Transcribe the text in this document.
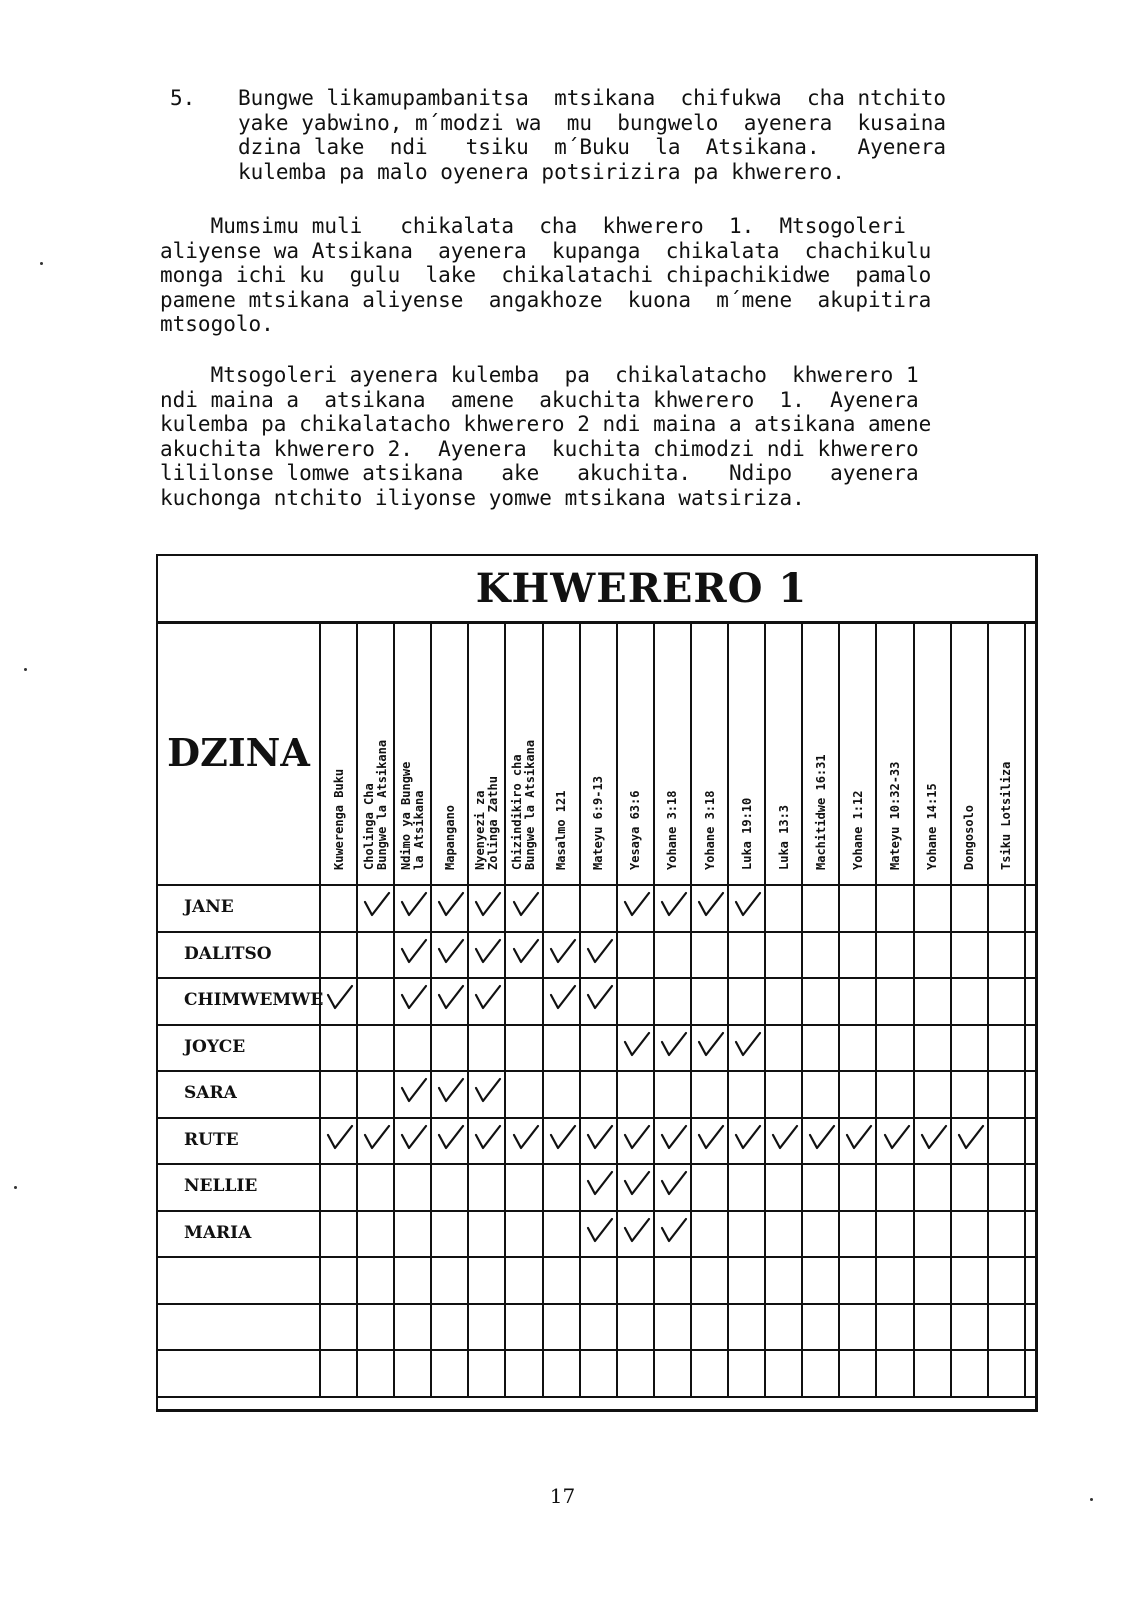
5. Bungwe likamupambanitsa  mtsikana  chifukwa  cha ntchito
yake yabwino, m´modzi wa  mu  bungwelo  ayenera  kusaina
dzina lake  ndi   tsiku  m´Buku  la  Atsikana.   Ayenera
kulemba pa malo oyenera potsirizira pa khwerero.
Mumsimu muli   chikalata  cha  khwerero  1.  Mtsogoleri
aliyense wa Atsikana  ayenera  kupanga  chikalata  chachikulu
monga ichi ku  gulu  lake  chikalatachi chipachikidwe  pamalo
pamene mtsikana aliyense  angakhoze  kuona  m´mene  akupitira
mtsogolo.
Mtsogoleri ayenera kulemba  pa  chikalatacho  khwerero 1
ndi maina a  atsikana  amene  akuchita khwerero  1.  Ayenera
kulemba pa chikalatacho khwerero 2 ndi maina a atsikana amene
akuchita khwerero 2.  Ayenera  kuchita chimodzi ndi khwerero
lililonse lomwe atsikana   ake   akuchita.   Ndipo   ayenera
kuchonga ntchito iliyonse yomwe mtsikana watsiriza.
KHWERERO 1
DZINA
Kuwerenga Buku Cholinga Cha
Bungwe la Atsikana
Ndimo ya Bungwe
la Atsikana Mapangano Nyenyezi za
Zolinga Zathu Chizindikiro cha
Bungwe la Atsikana
Masalmo 121 Mateyu 6:9-13 Yesaya 63:6 Yohane 3:18 Yohane 3:18 Luka 19:10 Luka 13:3 Machitidwe 16:31 Yohane 1:12 Mateyu 10:32-33 Yohane 14:15 Dongosolo Tsiku Lotsiliza
JANE
DALITSO
CHIMWEMWE
JOYCE
SARA
RUTE
NELLIE
MARIA
17
